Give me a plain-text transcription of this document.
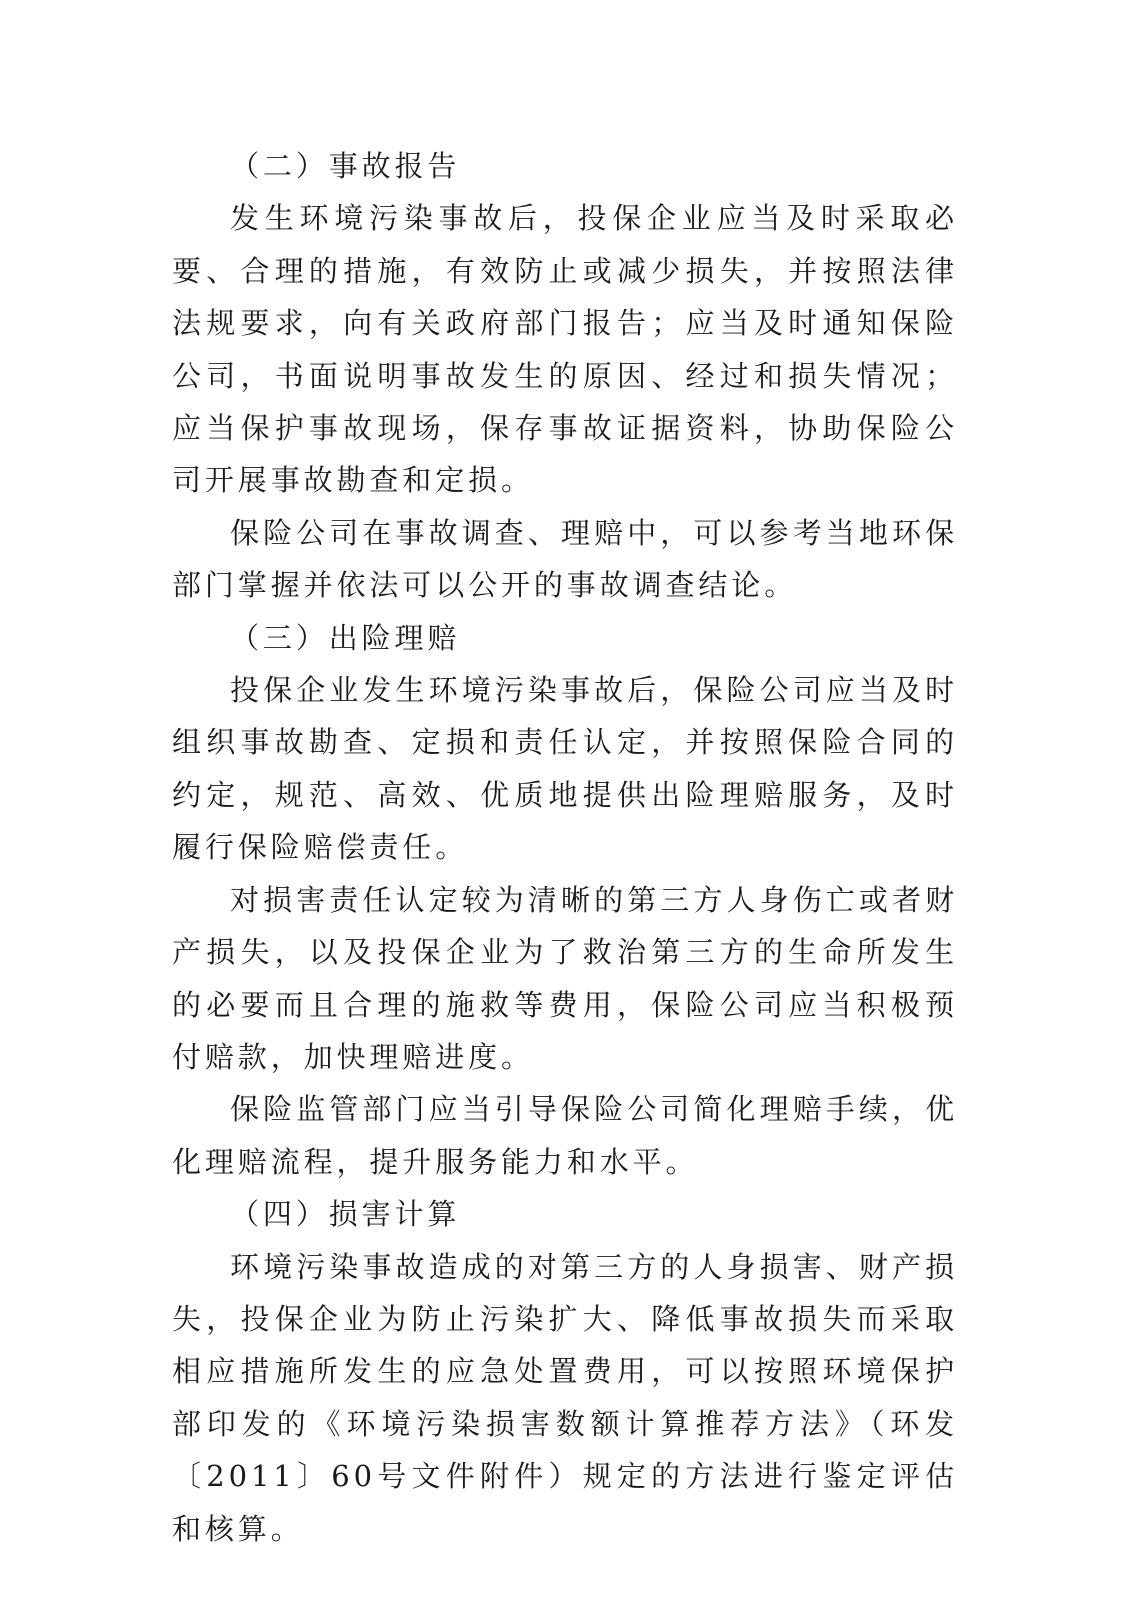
（二）事故报告

发生环境污染事故后，投保企业应当及时采取必要、合理的措施，有效防止或减少损失，并按照法律法规要求，向有关政府部门报告；应当及时通知保险公司，书面说明事故发生的原因、经过和损失情况；应当保护事故现场，保存事故证据资料，协助保险公司开展事故勘查和定损。

保险公司在事故调查、理赔中，可以参考当地环保部门掌握并依法可以公开的事故调查结论。

（三）出险理赔

投保企业发生环境污染事故后，保险公司应当及时组织事故勘查、定损和责任认定，并按照保险合同的约定，规范、高效、优质地提供出险理赔服务，及时履行保险赔偿责任。

对损害责任认定较为清晰的第三方人身伤亡或者财产损失，以及投保企业为了救治第三方的生命所发生的必要而且合理的施救等费用，保险公司应当积极预付赔款，加快理赔进度。

保险监管部门应当引导保险公司简化理赔手续，优化理赔流程，提升服务能力和水平。

（四）损害计算

环境污染事故造成的对第三方的人身损害、财产损失，投保企业为防止污染扩大、降低事故损失而采取相应措施所发生的应急处置费用，可以按照环境保护部印发的《环境污染损害数额计算推荐方法》（环发〔2011〕60号文件附件）规定的方法进行鉴定评估和核算。
